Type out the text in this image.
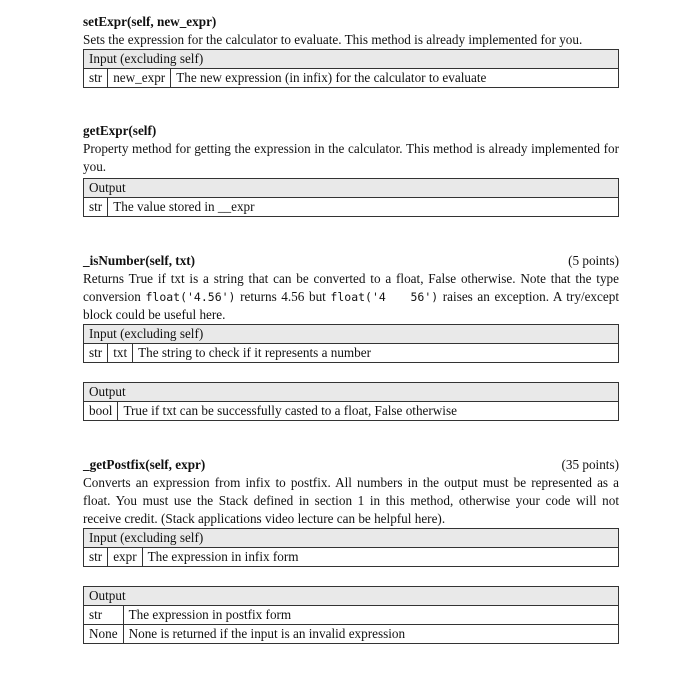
setExpr(self, new_expr)

Sets the expression for the calculator to evaluate. This method is already implemented for you.

Input (excluding self)
str	new_expr	The new expression (in infix) for the calculator to evaluate

getExpr(self)

Property method for getting the expression in the calculator. This method is already implemented for you.

Output
str	The value stored in __expr

_isNumber(self, txt)	(5 points)

Returns True if txt is a string that can be converted to a float, False otherwise. Note that the type conversion float('4.56') returns 4.56 but float('4   56') raises an exception. A try/except block could be useful here.

Input (excluding self)
str	txt	The string to check if it represents a number
Output
bool	True if txt can be successfully casted to a float, False otherwise

_getPostfix(self, expr)	(35 points)

Converts an expression from infix to postfix. All numbers in the output must be represented as a float. You must use the Stack defined in section 1 in this method, otherwise your code will not receive credit. (Stack applications video lecture can be helpful here).

Input (excluding self)
str	expr	The expression in infix form
Output	
str	The expression in postfix form
None	None is returned if the input is an invalid expression
